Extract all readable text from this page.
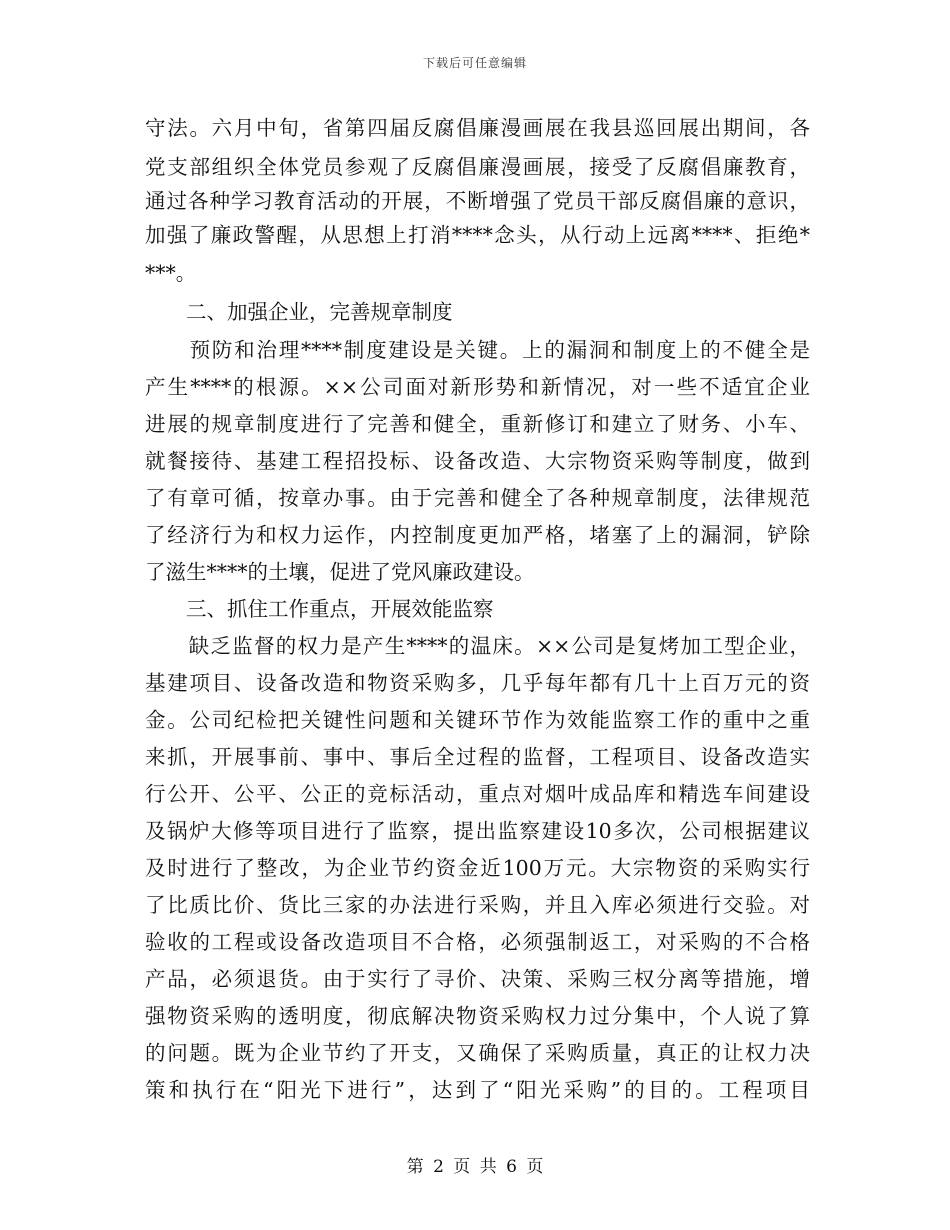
下载后可任意编辑
守法。六月中旬，省第四届反腐倡廉漫画展在我县巡回展出期间，各
党支部组织全体党员参观了反腐倡廉漫画展，接受了反腐倡廉教育，
通过各种学习教育活动的开展，不断增强了党员干部反腐倡廉的意识，
加强了廉政警醒，从思想上打消****念头，从行动上远离****、拒绝*
***。
　　二、加强企业，完善规章制度
　　预防和治理****制度建设是关键。上的漏洞和制度上的不健全是
产生****的根源。××公司面对新形势和新情况，对一些不适宜企业
进展的规章制度进行了完善和健全，重新修订和建立了财务、小车、
就餐接待、基建工程招投标、设备改造、大宗物资采购等制度，做到
了有章可循，按章办事。由于完善和健全了各种规章制度，法律规范
了经济行为和权力运作，内控制度更加严格，堵塞了上的漏洞，铲除
了滋生****的土壤，促进了党风廉政建设。
　　三、抓住工作重点，开展效能监察
　　缺乏监督的权力是产生****的温床。××公司是复烤加工型企业，
基建项目、设备改造和物资采购多，几乎每年都有几十上百万元的资
金。公司纪检把关键性问题和关键环节作为效能监察工作的重中之重
来抓，开展事前、事中、事后全过程的监督，工程项目、设备改造实
行公开、公平、公正的竞标活动，重点对烟叶成品库和精选车间建设
及锅炉大修等项目进行了监察，提出监察建设10多次，公司根据建议
及时进行了整改，为企业节约资金近100万元。大宗物资的采购实行
了比质比价、货比三家的办法进行采购，并且入库必须进行交验。对
验收的工程或设备改造项目不合格，必须强制返工，对采购的不合格
产品，必须退货。由于实行了寻价、决策、采购三权分离等措施，增
强物资采购的透明度，彻底解决物资采购权力过分集中，个人说了算
的问题。既为企业节约了开支，又确保了采购质量，真正的让权力决
策和执行在“阳光下进行”，达到了“阳光采购”的目的。工程项目
第 2 页 共 6 页
